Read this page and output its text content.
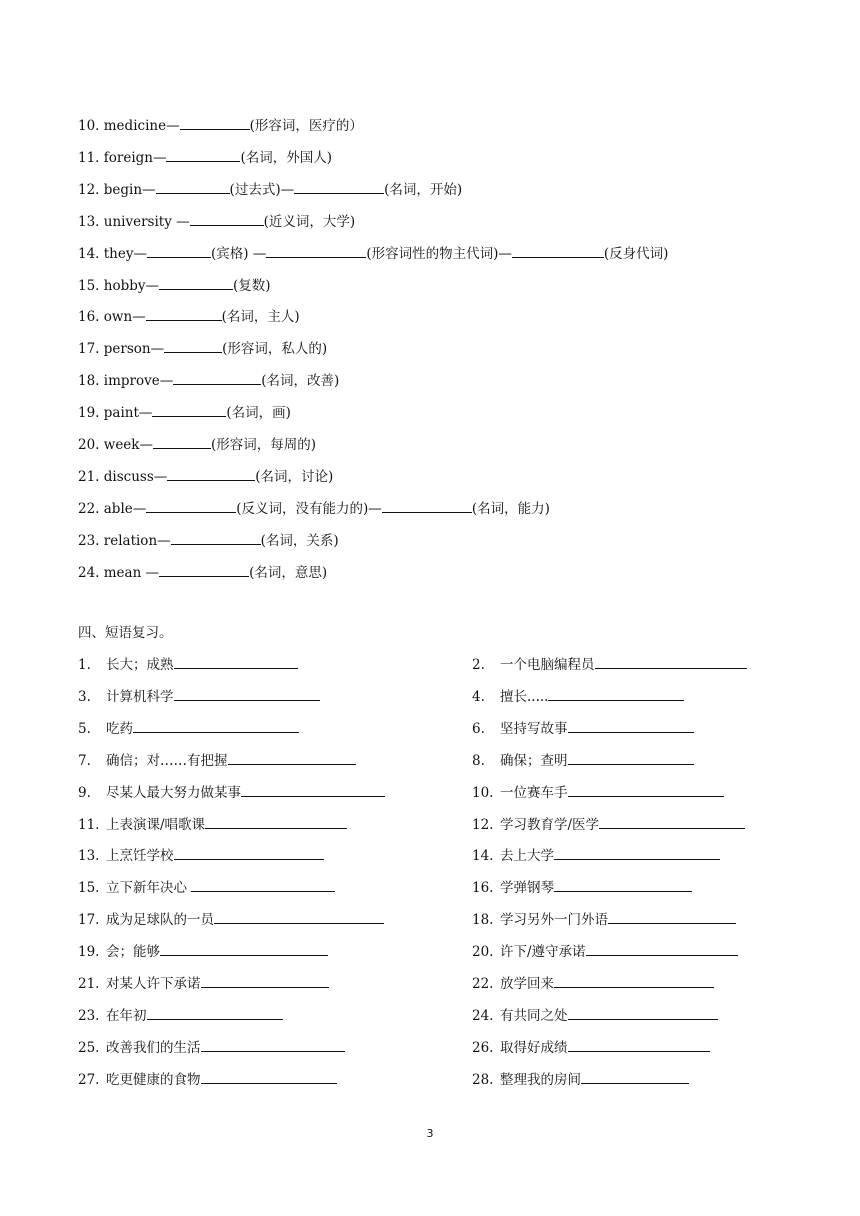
10. medicine—	(形容词，医疗的）
11. foreign—	(名词，外国人)
12. begin—	(过去式)—	(名词，开始)
13. university —	(近义词，大学)
14. they—	(宾格) —	(形容词性的物主代词)—	(反身代词)
15. hobby—	(复数)
16. own—	(名词，主人)
17. person—	(形容词，私人的)
18. improve—	(名词，改善)
19. paint—	(名词，画)
20. week—	(形容词，每周的)
21. discuss—	(名词，讨论)
22. able—	(反义词，没有能力的)—	(名词，能力)
23. relation—	(名词，关系)
24. mean —	(名词，意思)
四、短语复习。
1. 长大；成熟	2. 一个电脑编程员
3. 计算机科学	4. 擅长.....
5. 吃药	6. 坚持写故事
7. 确信；对……有把握	8. 确保；查明
9. 尽某人最大努力做某事	10. 一位赛车手
11. 上表演课/唱歌课	12. 学习教育学/医学
13. 上烹饪学校	14. 去上大学
15. 立下新年决心	16. 学弹钢琴
17. 成为足球队的一员	18. 学习另外一门外语
19. 会；能够	20. 许下/遵守承诺
21. 对某人许下承诺	22. 放学回来
23. 在年初	24. 有共同之处
25. 改善我们的生活	26. 取得好成绩
27. 吃更健康的食物	28. 整理我的房间
3
